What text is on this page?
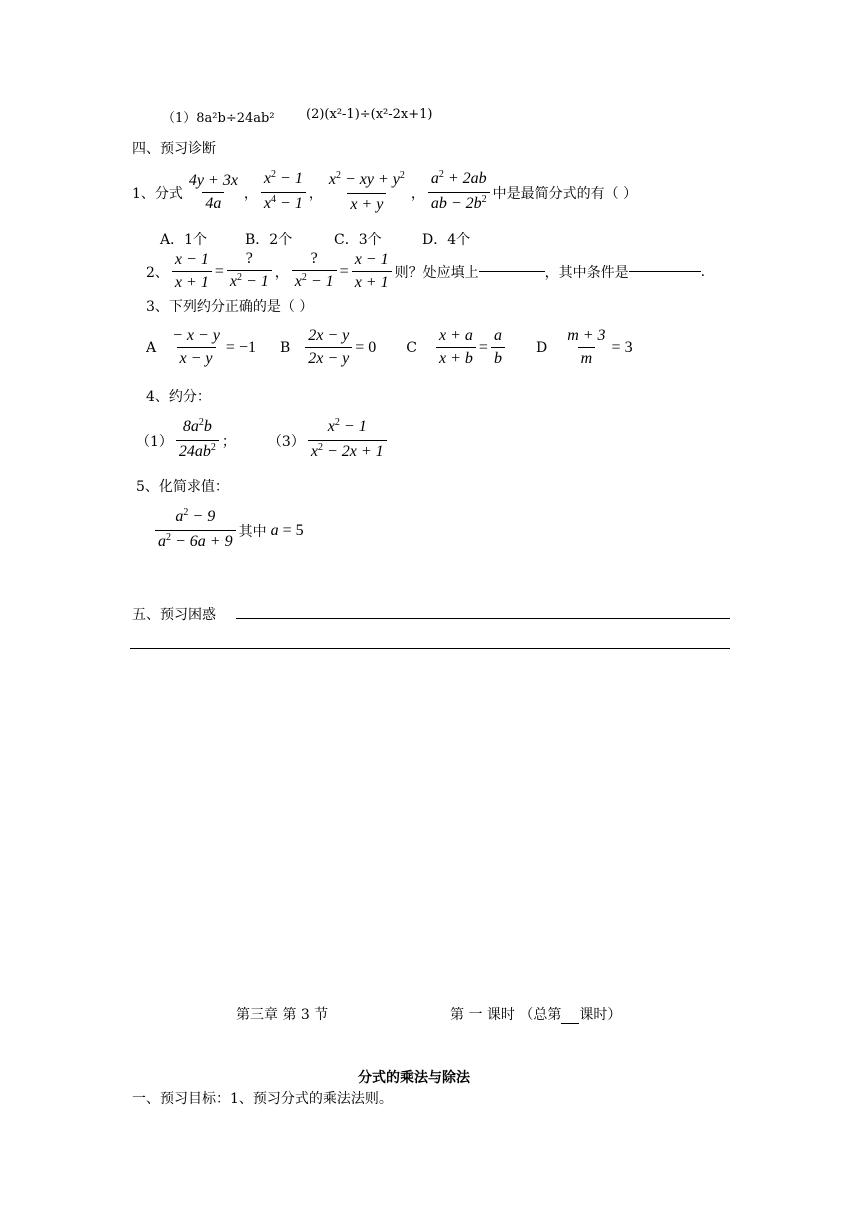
（1）8a²b÷24ab² (2)(x²-1)÷(x²-2x+1)
四、预习诊断
1、分式 $\frac{4y + 3x}{4a}$ ， $\frac{x^2 - 1}{x^4 - 1}$ ， $\frac{x^2 - xy + y^2}{x + y}$ ， $\frac{a^2 + 2ab}{ab - 2b^2}$ 中是最简分式的有（ ）
A．1个	B．2个	C．3个	D．4个
2、 $\frac{x - 1}{x + 1} = \frac{?}{x^2 - 1}$ ， $\frac{?}{x^2 - 1} = \frac{x - 1}{x + 1}$ 则？处应填上	，其中条件是	.
3、下列约分正确的是（ ）
A $\frac{- x - y}{x - y} = -1$ B $\frac{2x - y}{2x - y} = 0$ C $\frac{x + a}{x + b} = \frac{a}{b}$ D $\frac{m + 3}{m} = 3$
4、约分：
$(1) \frac{8a^2b}{24ab^2}$ ； $(3) \frac{x^2 - 1}{x^2 - 2x + 1}$
5、化简求值：
$\frac{a^2 - 9}{a^2 - 6a + 9}$ 其中 a = 5
五、预习困惑
第三章 第 3 节	第 一 课时 （总第 课时）
分式的乘法与除法
一、预习目标：1、预习分式的乘法法则。
